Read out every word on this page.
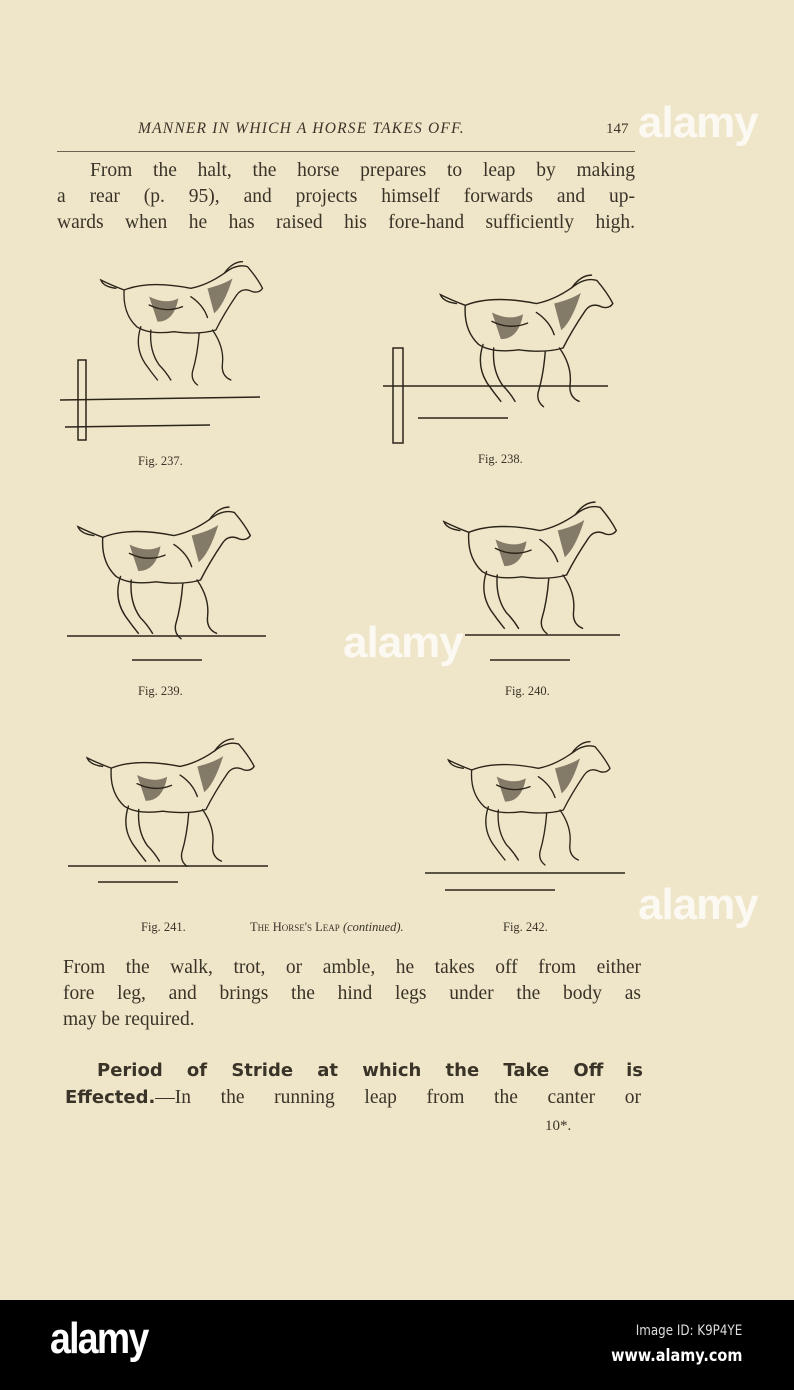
MANNER IN WHICH A HORSE TAKES OFF.	147
From the halt, the horse prepares to leap by making
a rear (p. 95), and projects himself forwards and up-
wards when he has raised his fore-hand sufficiently high.
Fig. 237.	Fig. 238.
Fig. 239.	Fig. 240.
Fig. 241.	The Horse's Leap (continued).	Fig. 242.
From the walk, trot, or amble, he takes off from either
fore leg, and brings the hind legs under the body as
may be required.
Period of Stride at which the Take Off is
Effected.—In the running leap from the canter or
10*.
alamy
alamy
alamy
alamy	Image ID: K9P4YE
www.alamy.com
